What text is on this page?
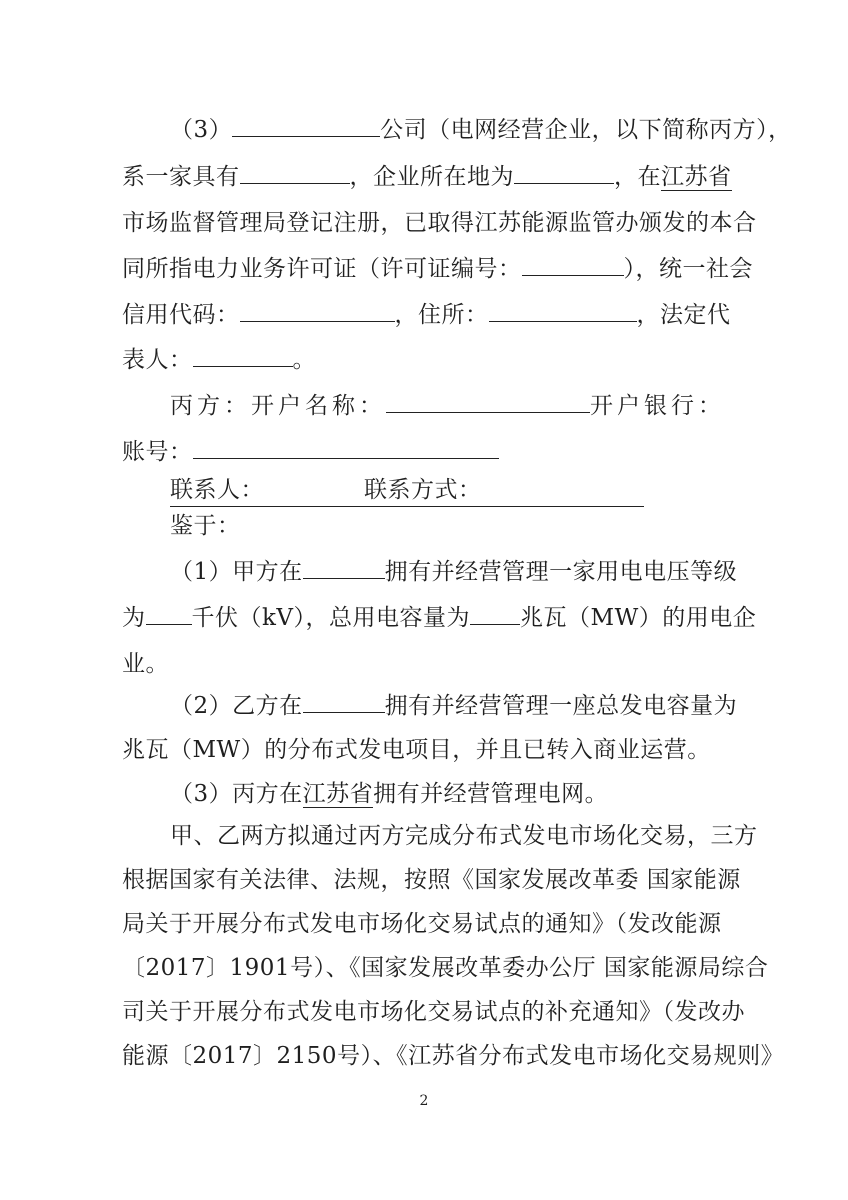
（3）	公司（电网经营企业，以下简称丙方），
系一家具有	，企业所在地为	，在江苏省
市场监督管理局登记注册，已取得江苏能源监管办颁发的本合
同所指电力业务许可证（许可证编号：	），统一社会
信用代码：	，住所：	，法定代
表人：	。
丙方：开户名称：	开户银行：
账号：
联系人：	联系方式：
鉴于：
（1）甲方在	拥有并经营管理一家用电电压等级
为 千伏（kV），总用电容量为 兆瓦（MW）的用电企
业。
（2）乙方在	拥有并经营管理一座总发电容量为
兆瓦（MW）的分布式发电项目，并且已转入商业运营。
（3）丙方在江苏省拥有并经营管理电网。
甲、乙两方拟通过丙方完成分布式发电市场化交易，三方
根据国家有关法律、法规，按照《国家发展改革委 国家能源
局关于开展分布式发电市场化交易试点的通知》（发改能源
〔2017〕1901号）、《国家发展改革委办公厅 国家能源局综合
司关于开展分布式发电市场化交易试点的补充通知》（发改办
能源〔2017〕2150号）、《江苏省分布式发电市场化交易规则》
2
